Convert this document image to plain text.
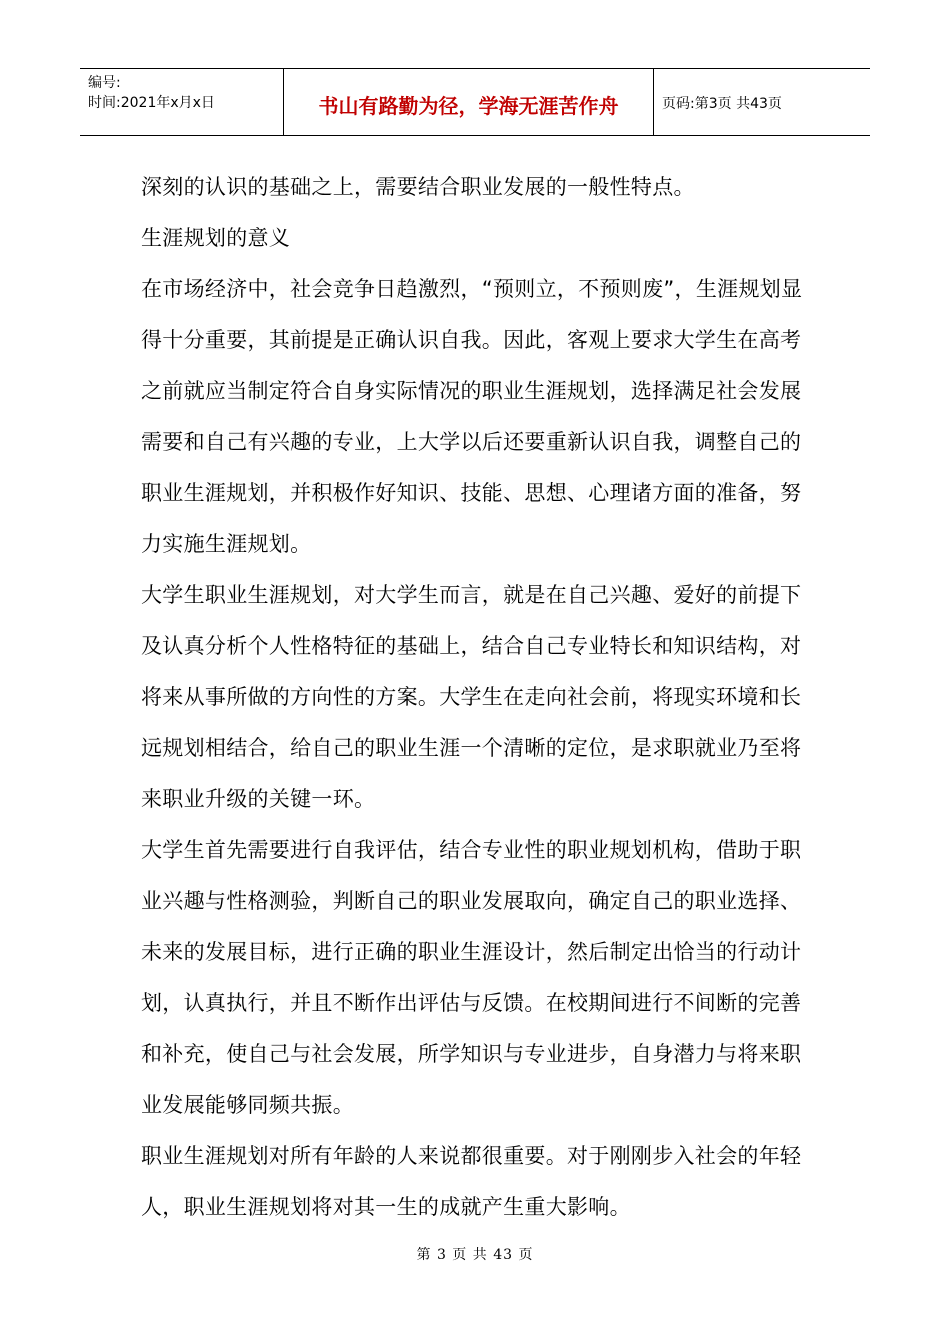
编号:
时间:2021年x月x日	书山有路勤为径，学海无涯苦作舟	页码:第3页 共43页

深刻的认识的基础之上，需要结合职业发展的一般性特点。

生涯规划的意义

在市场经济中，社会竞争日趋激烈，“预则立，不预则废”，生涯规划显得十分重要，其前提是正确认识自我。因此，客观上要求大学生在高考之前就应当制定符合自身实际情况的职业生涯规划，选择满足社会发展需要和自己有兴趣的专业，上大学以后还要重新认识自我，调整自己的职业生涯规划，并积极作好知识、技能、思想、心理诸方面的准备，努力实施生涯规划。

大学生职业生涯规划，对大学生而言，就是在自己兴趣、爱好的前提下及认真分析个人性格特征的基础上，结合自己专业特长和知识结构，对将来从事所做的方向性的方案。大学生在走向社会前，将现实环境和长远规划相结合，给自己的职业生涯一个清晰的定位，是求职就业乃至将来职业升级的关键一环。

大学生首先需要进行自我评估，结合专业性的职业规划机构，借助于职业兴趣与性格测验，判断自己的职业发展取向，确定自己的职业选择、未来的发展目标，进行正确的职业生涯设计，然后制定出恰当的行动计划，认真执行，并且不断作出评估与反馈。在校期间进行不间断的完善和补充，使自己与社会发展，所学知识与专业进步，自身潜力与将来职业发展能够同频共振。

职业生涯规划对所有年龄的人来说都很重要。对于刚刚步入社会的年轻人，职业生涯规划将对其一生的成就产生重大影响。

第 3 页 共 43 页
